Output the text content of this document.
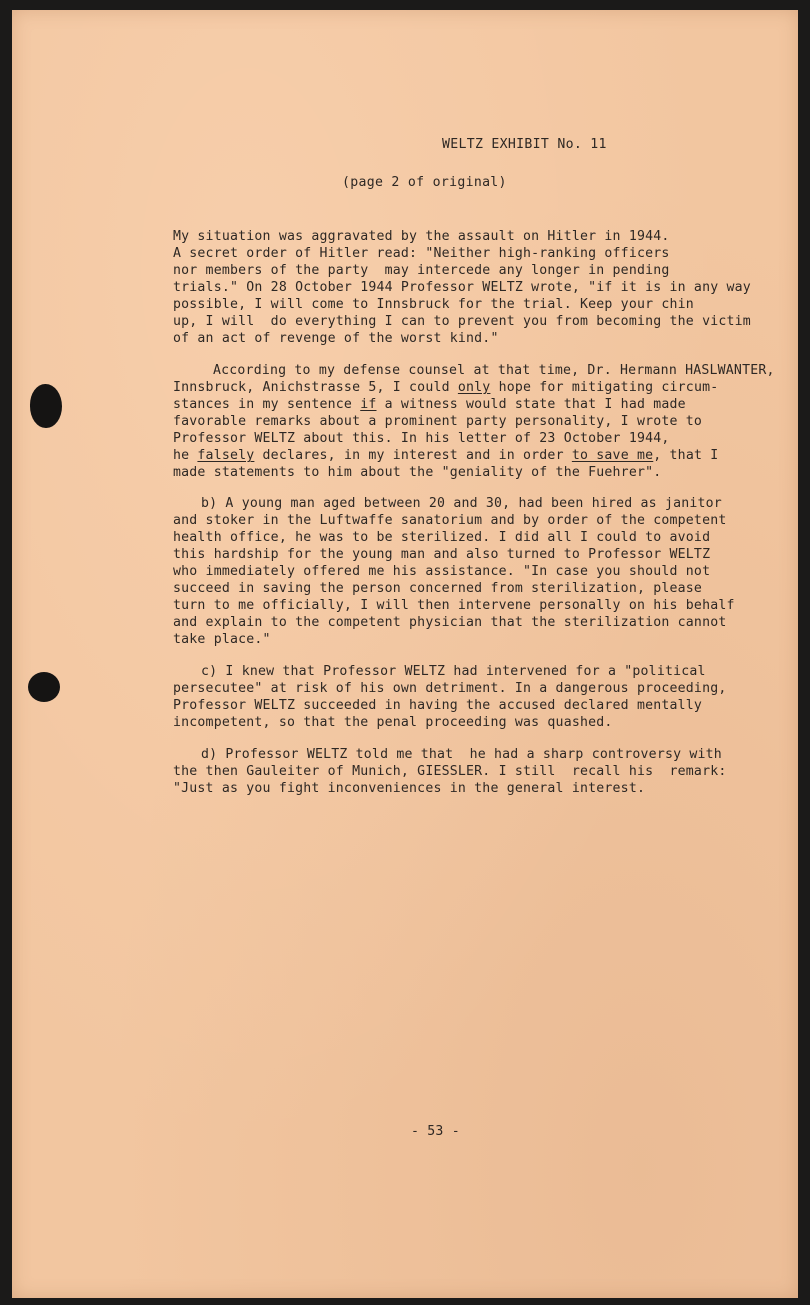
WELTZ EXHIBIT No. 11
(page 2 of original)
My situation was aggravated by the assault on Hitler in 1944.
A secret order of Hitler read: "Neither high-ranking officers
nor members of the party  may intercede any longer in pending
trials." On 28 October 1944 Professor WELTZ wrote, "if it is in any way
possible, I will come to Innsbruck for the trial. Keep your chin
up, I will  do everything I can to prevent you from becoming the victim
of an act of revenge of the worst kind."
According to my defense counsel at that time, Dr. Hermann HASLWANTER,
Innsbruck, Anichstrasse 5, I could only hope for mitigating circum-
stances in my sentence if a witness would state that I had made
favorable remarks about a prominent party personality, I wrote to
Professor WELTZ about this. In his letter of 23 October 1944,
he falsely declares, in my interest and in order to save me, that I
made statements to him about the "geniality of the Fuehrer".
b) A young man aged between 20 and 30, had been hired as janitor
and stoker in the Luftwaffe sanatorium and by order of the competent
health office, he was to be sterilized. I did all I could to avoid
this hardship for the young man and also turned to Professor WELTZ
who immediately offered me his assistance. "In case you should not
succeed in saving the person concerned from sterilization, please
turn to me officially, I will then intervene personally on his behalf
and explain to the competent physician that the sterilization cannot
take place."
c) I knew that Professor WELTZ had intervened for a "political
persecutee" at risk of his own detriment. In a dangerous proceeding,
Professor WELTZ succeeded in having the accused declared mentally
incompetent, so that the penal proceeding was quashed.
d) Professor WELTZ told me that  he had a sharp controversy with
the then Gauleiter of Munich, GIESSLER. I still  recall his  remark:
"Just as you fight inconveniences in the general interest.
- 53 -
